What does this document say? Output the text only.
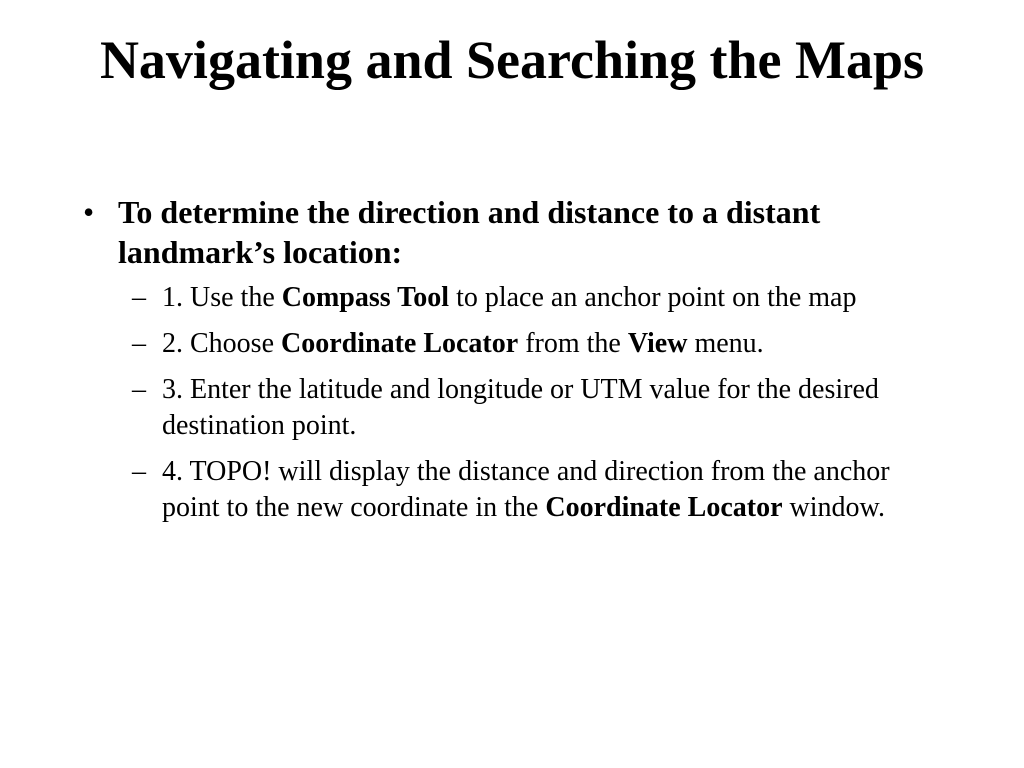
Navigating and Searching the Maps
• To determine the direction and distance to a distant landmark’s location:
– 1. Use the Compass Tool to place an anchor point on the map
– 2. Choose Coordinate Locator from the View menu.
– 3. Enter the latitude and longitude or UTM value for the desired destination point.
– 4. TOPO! will display the distance and direction from the anchor point to the new coordinate in the Coordinate Locator window.
